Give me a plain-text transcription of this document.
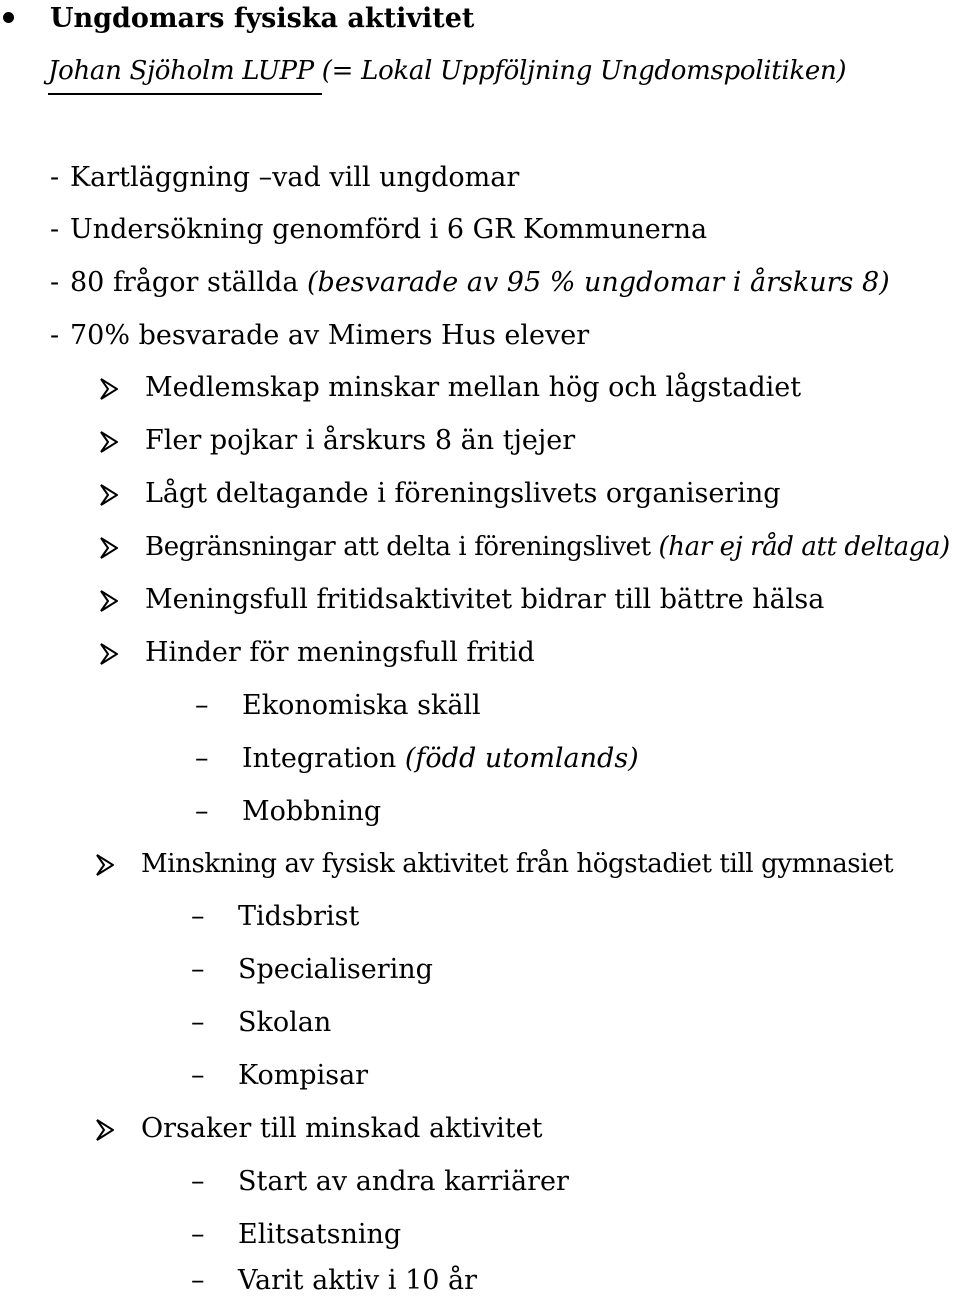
Ungdomars fysiska aktivitet
Johan Sjöholm LUPP (= Lokal Uppföljning Ungdomspolitiken)
- Kartläggning –vad vill ungdomar
- Undersökning genomförd i 6 GR Kommunerna
- 80 frågor ställda (besvarade av 95 % ungdomar i årskurs 8)
- 70% besvarade av Mimers Hus elever
Medlemskap minskar mellan hög och lågstadiet
Fler pojkar i årskurs 8 än tjejer
Lågt deltagande i föreningslivets organisering
Begränsningar att delta i föreningslivet (har ej råd att deltaga)
Meningsfull fritidsaktivitet bidrar till bättre hälsa
Hinder för meningsfull fritid
– Ekonomiska skäll
– Integration (född utomlands)
– Mobbning
Minskning av fysisk aktivitet från högstadiet till gymnasiet
– Tidsbrist
– Specialisering
– Skolan
– Kompisar
Orsaker till minskad aktivitet
– Start av andra karriärer
– Elitsatsning
– Varit aktiv i 10 år
